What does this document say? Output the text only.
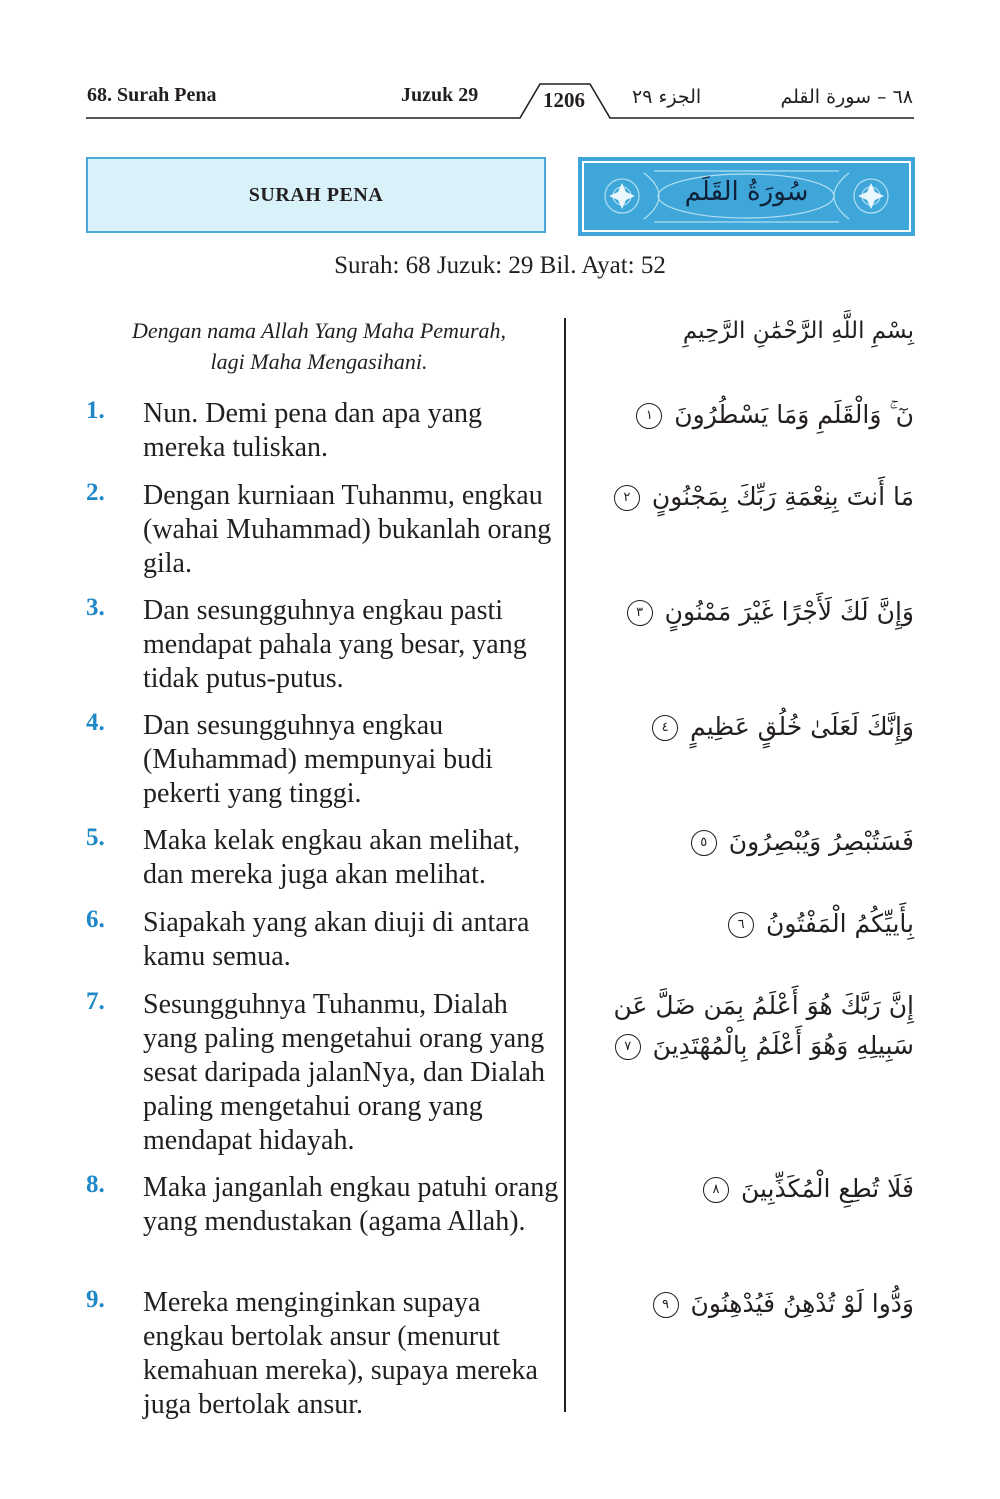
68. Surah Pena	Juzuk 29	1206	الجزء ٢٩	٦٨ – سورة القلم
SURAH PENA	سُورَةُ القَلَم
Surah: 68 Juzuk: 29 Bil. Ayat: 52
Dengan nama Allah Yang Maha Pemurah,
lagi Maha Mengasihani.
بِسْمِ اللَّهِ الرَّحْمَٰنِ الرَّحِيمِ
1. Nun. Demi pena dan apa yang mereka tuliskan.
نٓ ۚ وَالْقَلَمِ وَمَا يَسْطُرُونَ ١
2. Dengan kurniaan Tuhanmu, engkau (wahai Muhammad) bukanlah orang gila.
مَا أَنتَ بِنِعْمَةِ رَبِّكَ بِمَجْنُونٍ ٢
3. Dan sesungguhnya engkau pasti mendapat pahala yang besar, yang tidak putus-putus.
وَإِنَّ لَكَ لَأَجْرًا غَيْرَ مَمْنُونٍ ٣
4. Dan sesungguhnya engkau (Muhammad) mempunyai budi pekerti yang tinggi.
وَإِنَّكَ لَعَلَىٰ خُلُقٍ عَظِيمٍ ٤
5. Maka kelak engkau akan melihat, dan mereka juga akan melihat.
فَسَتُبْصِرُ وَيُبْصِرُونَ ٥
6. Siapakah yang akan diuji di antara kamu semua.
بِأَييِّكُمُ الْمَفْتُونُ ٦
7. Sesungguhnya Tuhanmu, Dialah yang paling mengetahui orang yang sesat daripada jalanNya, dan Dialah paling mengetahui orang yang mendapat hidayah.
إِنَّ رَبَّكَ هُوَ أَعْلَمُ بِمَن ضَلَّ عَن سَبِيلِهِ وَهُوَ أَعْلَمُ بِالْمُهْتَدِينَ ٧
8. Maka janganlah engkau patuhi orang yang mendustakan (agama Allah).
فَلَا تُطِعِ الْمُكَذِّبِينَ ٨
9. Mereka menginginkan supaya engkau bertolak ansur (menurut kemahuan mereka), supaya mereka juga bertolak ansur.
وَدُّوا لَوْ تُدْهِنُ فَيُدْهِنُونَ ٩
